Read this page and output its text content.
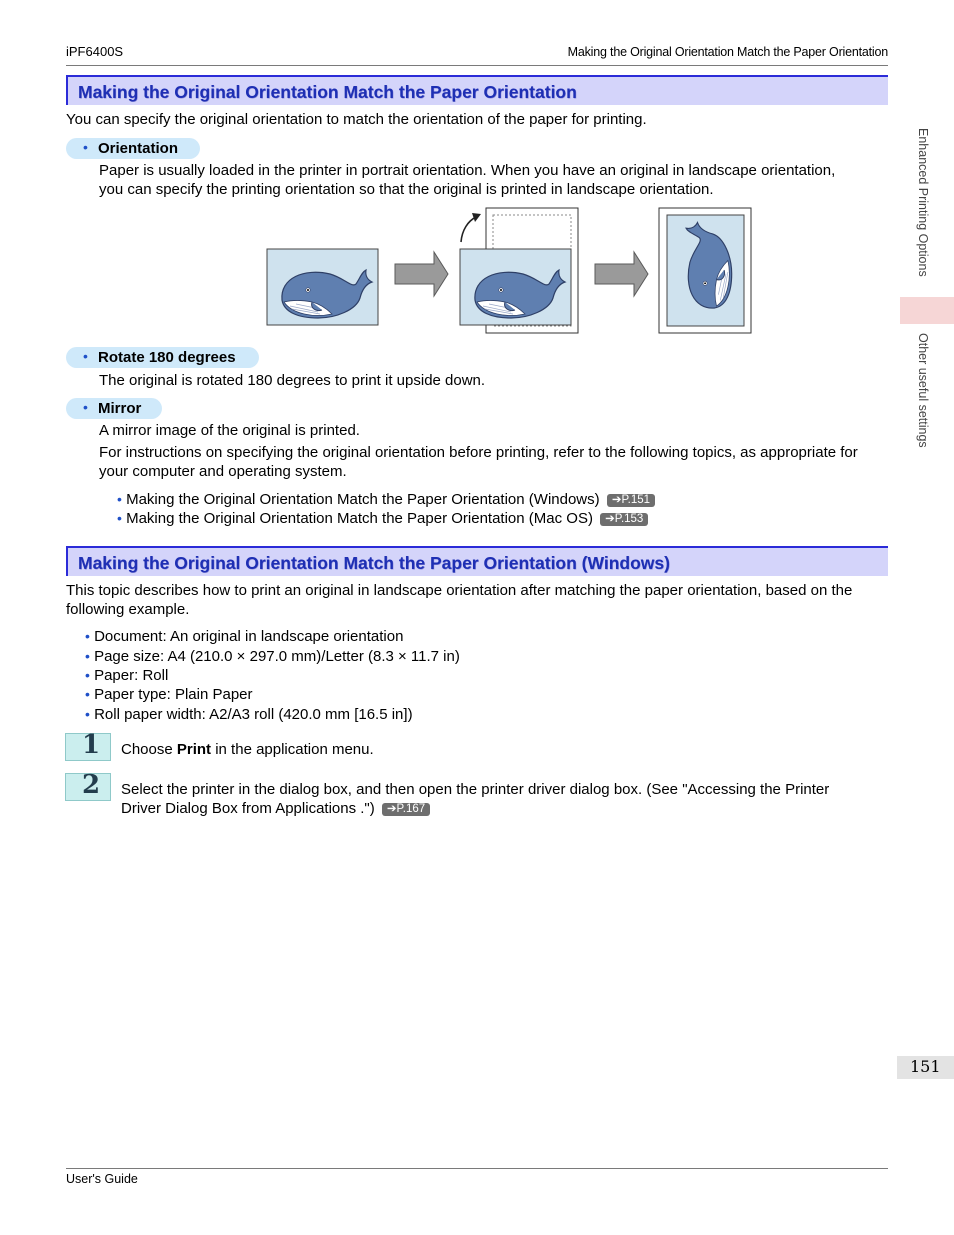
iPF6400S	Making the Original Orientation Match the Paper Orientation
Making the Original Orientation Match the Paper Orientation
You can specify the original orientation to match the orientation of the paper for printing.
• Orientation
Paper is usually loaded in the printer in portrait orientation. When you have an original in landscape orientation,
you can specify the printing orientation so that the original is printed in landscape orientation.
• Rotate 180 degrees
The original is rotated 180 degrees to print it upside down.
• Mirror
A mirror image of the original is printed.
For instructions on specifying the original orientation before printing, refer to the following topics, as appropriate for
your computer and operating system.
• Making the Original Orientation Match the Paper Orientation (Windows) ➔P.151
• Making the Original Orientation Match the Paper Orientation (Mac OS) ➔P.153
Making the Original Orientation Match the Paper Orientation (Windows)
This topic describes how to print an original in landscape orientation after matching the paper orientation, based on the
following example.
• Document: An original in landscape orientation
• Page size: A4 (210.0 × 297.0 mm)/Letter (8.3 × 11.7 in)
• Paper: Roll
• Paper type: Plain Paper
• Roll paper width: A2/A3 roll (420.0 mm [16.5 in])
1 Choose Print in the application menu.
2 Select the printer in the dialog box, and then open the printer driver dialog box. (See "Accessing the Printer
Driver Dialog Box from Applications .") ➔P.167
Enhanced Printing Options
Other useful settings
151
User's Guide
